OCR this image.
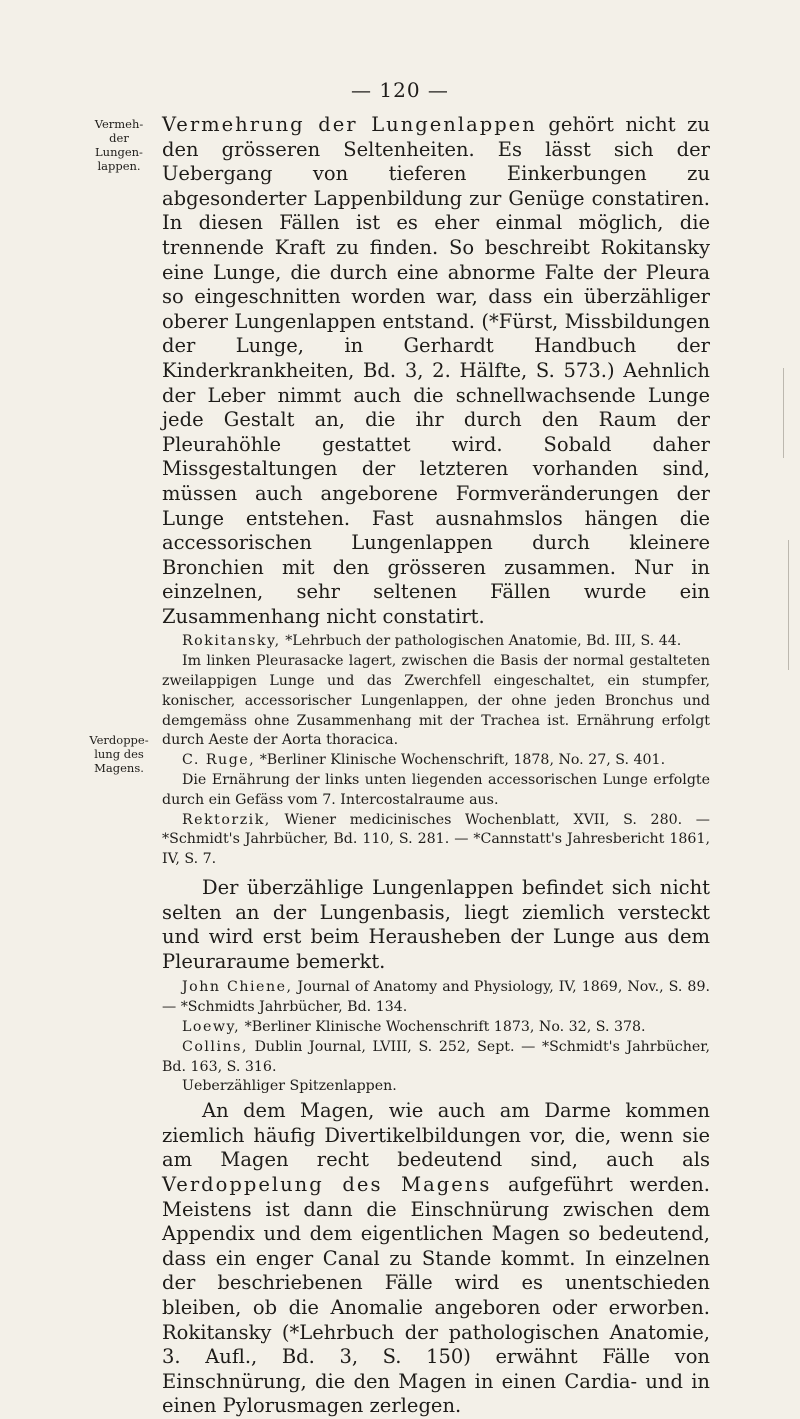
— 120 —
Vermeh-
der Lungen-
lappen.
Verdoppe-
lung des
Magens.

Vermehrung der Lungenlappen gehört nicht zu den grösseren Seltenheiten. Es lässt sich der Uebergang von tieferen Einkerbungen zu abgesonderter Lappenbildung zur Genüge constatiren. In diesen Fällen ist es eher einmal möglich, die trennende Kraft zu finden. So beschreibt Rokitansky eine Lunge, die durch eine abnorme Falte der Pleura so eingeschnitten worden war, dass ein überzähliger oberer Lungenlappen entstand. (*Fürst, Missbildungen der Lunge, in Gerhardt Handbuch der Kinderkrankheiten, Bd. 3, 2. Hälfte, S. 573.) Aehnlich der Leber nimmt auch die schnellwachsende Lunge jede Gestalt an, die ihr durch den Raum der Pleurahöhle gestattet wird. Sobald daher Missgestaltungen der letzteren vorhanden sind, müssen auch angeborene Formveränderungen der Lunge entstehen. Fast ausnahmslos hängen die accessorischen Lungenlappen durch kleinere Bronchien mit den grösseren zusammen. Nur in einzelnen, sehr seltenen Fällen wurde ein Zusammenhang nicht constatirt.

Rokitansky, *Lehrbuch der pathologischen Anatomie, Bd. III, S. 44.

Im linken Pleurasacke lagert, zwischen die Basis der normal gestalteten zweilappigen Lunge und das Zwerchfell eingeschaltet, ein stumpfer, konischer, accessorischer Lungenlappen, der ohne jeden Bronchus und demgemäss ohne Zusammenhang mit der Trachea ist. Ernährung erfolgt durch Aeste der Aorta thoracica.

C. Ruge, *Berliner Klinische Wochenschrift, 1878, No. 27, S. 401.

Die Ernährung der links unten liegenden accessorischen Lunge erfolgte durch ein Gefäss vom 7. Intercostalraume aus.

Rektorzik, Wiener medicinisches Wochenblatt, XVII, S. 280. — *Schmidt's Jahrbücher, Bd. 110, S. 281. — *Cannstatt's Jahresbericht 1861, IV, S. 7.

Der überzählige Lungenlappen befindet sich nicht selten an der Lungenbasis, liegt ziemlich versteckt und wird erst beim Herausheben der Lunge aus dem Pleuraraume bemerkt.

John Chiene, Journal of Anatomy and Physiology, IV, 1869, Nov., S. 89. — *Schmidts Jahrbücher, Bd. 134.

Loewy, *Berliner Klinische Wochenschrift 1873, No. 32, S. 378.

Collins, Dublin Journal, LVIII, S. 252, Sept. — *Schmidt's Jahrbücher, Bd. 163, S. 316.

Ueberzähliger Spitzenlappen.

An dem Magen, wie auch am Darme kommen ziemlich häufig Divertikelbildungen vor, die, wenn sie am Magen recht bedeutend sind, auch als Verdoppelung des Magens aufgeführt werden. Meistens ist dann die Einschnürung zwischen dem Appendix und dem eigentlichen Magen so bedeutend, dass ein enger Canal zu Stande kommt. In einzelnen der beschriebenen Fälle wird es unentschieden bleiben, ob die Anomalie angeboren oder erworben. Rokitansky (*Lehrbuch der pathologischen Anatomie, 3. Aufl., Bd. 3, S. 150) erwähnt Fälle von Einschnürung, die den Magen in einen Cardia- und in einen Pylorusmagen zerlegen.
